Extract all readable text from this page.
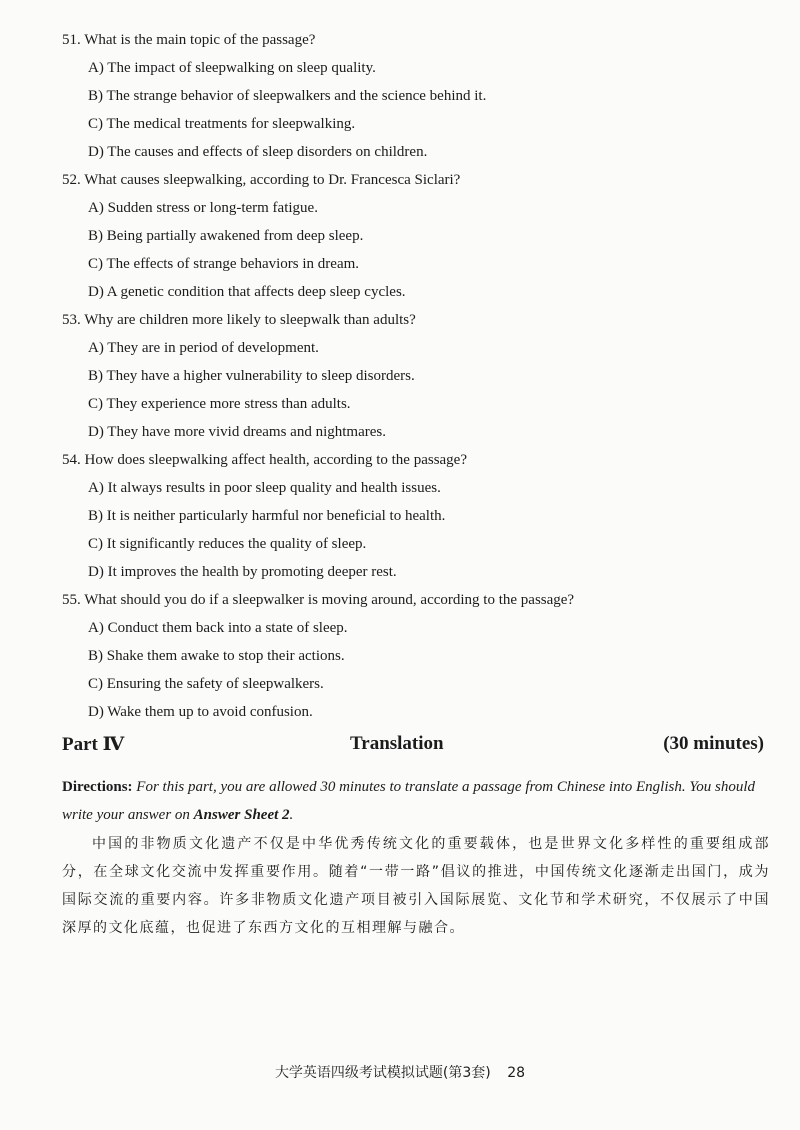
51. What is the main topic of the passage?
A) The impact of sleepwalking on sleep quality.
B) The strange behavior of sleepwalkers and the science behind it.
C) The medical treatments for sleepwalking.
D) The causes and effects of sleep disorders on children.
52. What causes sleepwalking, according to Dr. Francesca Siclari?
A) Sudden stress or long-term fatigue.
B) Being partially awakened from deep sleep.
C) The effects of strange behaviors in dream.
D) A genetic condition that affects deep sleep cycles.
53. Why are children more likely to sleepwalk than adults?
A) They are in period of development.
B) They have a higher vulnerability to sleep disorders.
C) They experience more stress than adults.
D) They have more vivid dreams and nightmares.
54. How does sleepwalking affect health, according to the passage?
A) It always results in poor sleep quality and health issues.
B) It is neither particularly harmful nor beneficial to health.
C) It significantly reduces the quality of sleep.
D) It improves the health by promoting deeper rest.
55. What should you do if a sleepwalker is moving around, according to the passage?
A) Conduct them back into a state of sleep.
B) Shake them awake to stop their actions.
C) Ensuring the safety of sleepwalkers.
D) Wake them up to avoid confusion.
Part Ⅳ	Translation	(30 minutes)
Directions: For this part, you are allowed 30 minutes to translate a passage from Chinese into English. You should write your answer on Answer Sheet 2.
中国的非物质文化遗产不仅是中华优秀传统文化的重要载体，也是世界文化多样性的重要组成部分，在全球文化交流中发挥重要作用。随着“一带一路”倡议的推进，中国传统文化逐渐走出国门，成为国际交流的重要内容。许多非物质文化遗产项目被引入国际展览、文化节和学术研究，不仅展示了中国深厚的文化底蕴，也促进了东西方文化的互相理解与融合。
大学英语四级考试模拟试题(第3套) 28
